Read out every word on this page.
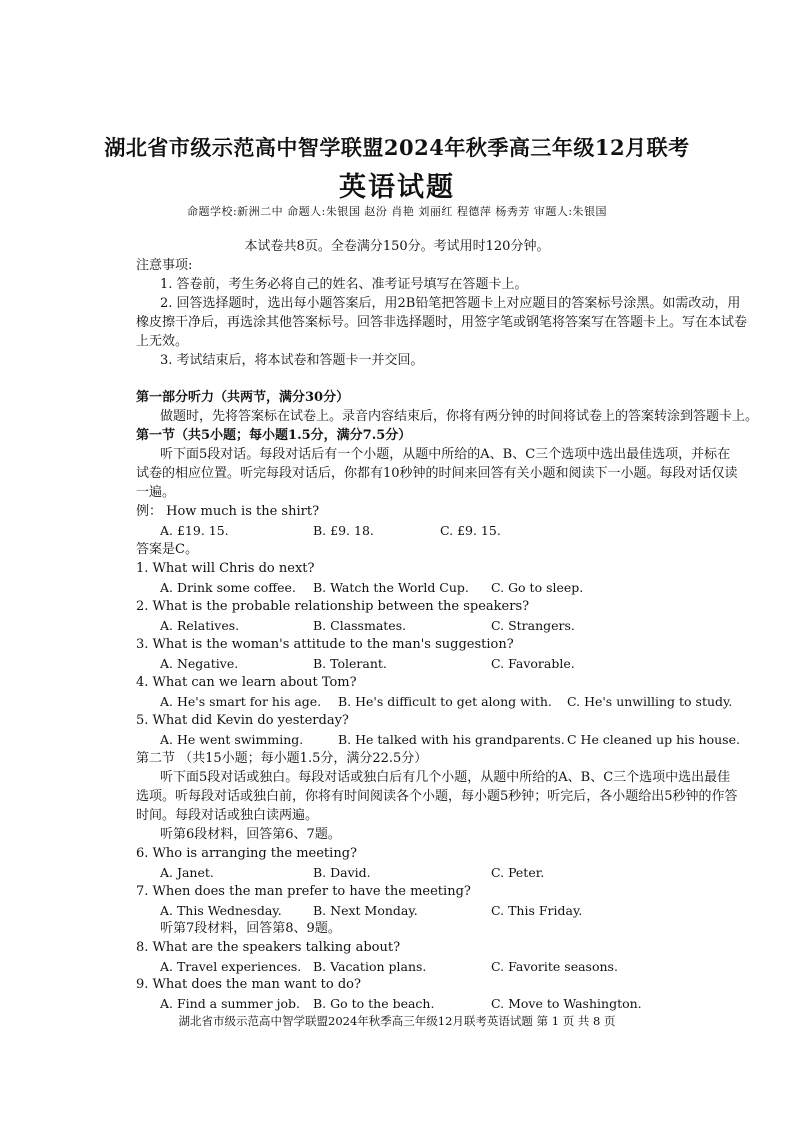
湖北省市级示范高中智学联盟2024年秋季高三年级12月联考
英语试题
命题学校:新洲二中 命题人:朱银国 赵汾 肖艳 刘丽红 程德萍 杨秀芳 审题人:朱银国
本试卷共8页。全卷满分150分。考试用时120分钟。
注意事项:
1. 答卷前，考生务必将自己的姓名、准考证号填写在答题卡上。
2. 回答选择题时，选出每小题答案后，用2B铅笔把答题卡上对应题目的答案标号涂黑。如需改动，用
橡皮擦干净后，再选涂其他答案标号。回答非选择题时，用签字笔或钢笔将答案写在答题卡上。写在本试卷
上无效。
3. 考试结束后，将本试卷和答题卡一并交回。
第一部分听力（共两节，满分30分）
做题时，先将答案标在试卷上。录音内容结束后，你将有两分钟的时间将试卷上的答案转涂到答题卡上。
第一节（共5小题；每小题1.5分，满分7.5分）
听下面5段对话。每段对话后有一个小题，从题中所给的A、B、C三个选项中选出最佳选项，并标在
试卷的相应位置。听完每段对话后，你都有10秒钟的时间来回答有关小题和阅读下一小题。每段对话仅读
一遍。
例： How much is the shirt?
A. £19. 15.	B. £9. 18.	C. £9. 15.
答案是C。
1. What will Chris do next?
A. Drink some coffee. B. Watch the World Cup. C. Go to sleep.
2. What is the probable relationship between the speakers?
A. Relatives.	B. Classmates.	C. Strangers.
3. What is the woman's attitude to the man's suggestion?
A. Negative.	B. Tolerant.	C. Favorable.
4. What can we learn about Tom?
A. He's smart for his age. B. He's difficult to get along with. C. He's unwilling to study.
5. What did Kevin do yesterday?
A. He went swimming.	B. He talked with his grandparents. C He cleaned up his house.
第二节 （共15小题；每小题1.5分，满分22.5分）
听下面5段对话或独白。每段对话或独白后有几个小题，从题中所给的A、B、C三个选项中选出最佳
选项。听每段对话或独白前，你将有时间阅读各个小题，每小题5秒钟；听完后，各小题给出5秒钟的作答
时间。每段对话或独白读两遍。
听第6段材料，回答第6、7题。
6. Who is arranging the meeting?
A. Janet.	B. David.	C. Peter.
7. When does the man prefer to have the meeting?
A. This Wednesday.	B. Next Monday.	C. This Friday.
听第7段材料，回答第8、9题。
8. What are the speakers talking about?
A. Travel experiences. B. Vacation plans.	C. Favorite seasons.
9. What does the man want to do?
A. Find a summer job. B. Go to the beach.	C. Move to Washington.
湖北省市级示范高中智学联盟2024年秋季高三年级12月联考英语试题 第 1 页 共 8 页
